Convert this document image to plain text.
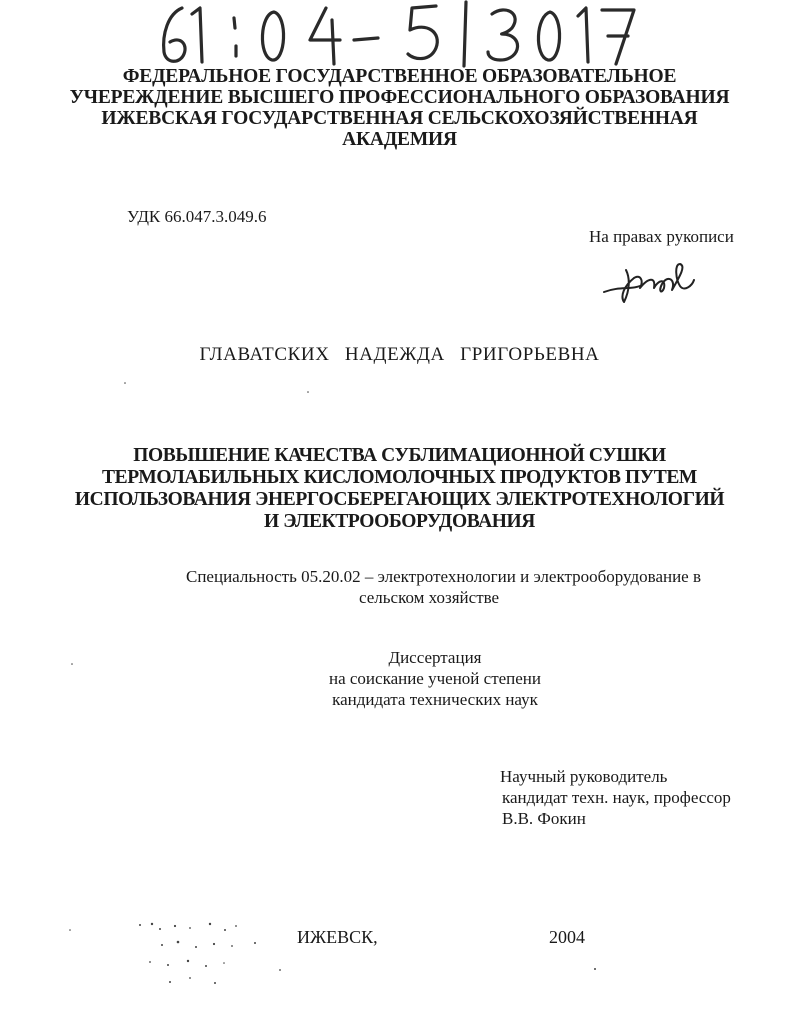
ФЕДЕРАЛЬНОЕ ГОСУДАРСТВЕННОЕ ОБРАЗОВАТЕЛЬНОЕ
УЧЕРЕЖДЕНИЕ ВЫСШЕГО ПРОФЕССИОНАЛЬНОГО ОБРАЗОВАНИЯ
ИЖЕВСКАЯ ГОСУДАРСТВЕННАЯ СЕЛЬСКОХОЗЯЙСТВЕННАЯ
АКАДЕМИЯ
УДК 66.047.3.049.6
На правах рукописи
ГЛАВАТСКИХ НАДЕЖДА ГРИГОРЬЕВНА
ПОВЫШЕНИЕ КАЧЕСТВА СУБЛИМАЦИОННОЙ СУШКИ
ТЕРМОЛАБИЛЬНЫХ КИСЛОМОЛОЧНЫХ ПРОДУКТОВ ПУТЕМ
ИСПОЛЬЗОВАНИЯ ЭНЕРГОСБЕРЕГАЮЩИХ ЭЛЕКТРОТЕХНОЛОГИЙ
И ЭЛЕКТРООБОРУДОВАНИЯ
Специальность 05.20.02 – электротехнологии и электрооборудование в
сельском хозяйстве
Диссертация
на соискание ученой степени
кандидата технических наук
Научный руководитель
кандидат техн. наук, профессор
В.В. Фокин
ИЖЕВСК,	2004
